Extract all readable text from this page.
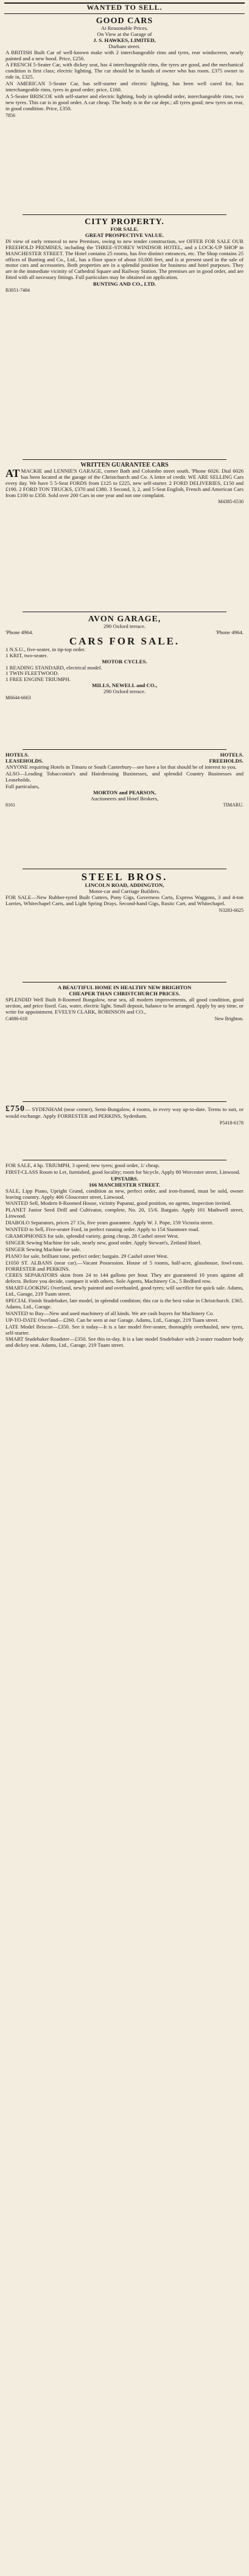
WANTED TO SELL.
GOOD CARS
At Reasonable Prices.
On View at the Garage of
J. S. HAWKES, LIMITED,
Durham street.

A BRITISH Built Car of well-known make with 2 interchangeable rims and tyres, rear windscreen, nearly painted and a new hood. Price, £250.

A FRENCH 5-Seater Car, with dickey seat, has 4 interchangeable rims, the tyres are good, and the mechanical condition is first class; electric lighting. The car should be in hands of owner who has room. £375 owner to ride in, £325.

AN AMERICAN 5-Seater Car, has self-starter and electric lighting, has been well cared for, has interchangeable rims, tyres in good order; price, £160.

A 5-Seater BRISCOE with self-starter and electric lighting, body in splendid order, interchangeable rims, two new tyres. This car is in good order. A car cheap. The body is in the car dept.; all tyres good; new tyres on rear, in good condition. Price, £350.

7856
CITY PROPERTY.
FOR SALE.
GREAT PROSPECTIVE VALUE.

IN view of early removal to new Premises, owing to new tender construction, we OFFER FOR SALE OUR FREEHOLD PREMISES, including the THREE-STOREY WINDSOR HOTEL, and a LOCK-UP SHOP in MANCHESTER STREET. The Hotel contains 25 rooms, has five distinct entrances, etc. The Shop contains 25 offices of Bunting and Co., Ltd., has a floor space of about 10,000 feet, and is at present used in the sale of motor cars and accessories. Both properties are in a splendid position for business and hotel purposes. They are in the immediate vicinity of Cathedral Square and Railway Station. The premises are in good order, and are fitted with all necessary fittings. Full particulars may be obtained on application.

BUNTING AND CO., LTD.
B3051-7484
WRITTEN GUARANTEE CARS

AT MACKIE and LENNIE'S GARAGE, corner Bath and Colombo street south. 'Phone 6026. Dial 6026 has been located at the garage of the Christchurch and Co. A letter of credit. WE ARE SELLING Cars every day. We have 5 5-Seat FORDS from £125 to £225, new self-starter. 2 FORD DELIVERIES, £150 and £190. 2 FORD TON TRUCKS, £370 and £380. 3 Second, 3, 2, and 5-Seat English, French and American Cars from £100 to £350. Sold over 200 Cars in one year and not one complaint.

M4385-6530
AVON GARAGE,
290 Oxford terrace.
'Phone 4964.	'Phone 4964.
CARS FOR SALE.
1 N.S.U., five-seater, in tip-top order.
1 KRIT, two-seater.
MOTOR CYCLES.
1 READING STANDARD, electrical model.
1 TWIN FLEETWOOD.
1 FREE ENGINE TRIUMPH.
MILLS, NEWELL and CO.,
290 Oxford terrace.
M6644-6663
HOTELS.	HOTELS.
LEASEHOLDS.	FREEHOLDS.

ANYONE requiring Hotels in Timaru or South Canterbury—see have a lot that should be of interest to you.

ALSO—Leading Tobacconist's and Hairdressing Businesses, and splendid Country Businesses and Leaseholds.

Full particulars,

MORTON and PEARSON,
Auctioneers and Hotel Brokers,
8161	TIMARU.
STEEL BROS.
LINCOLN ROAD, ADDINGTON,
Motor-car and Carriage Builders.

FOR SALE—New Rubber-tyred Built Cutters, Pony Gigs, Governess Carts, Express Waggons, 3 and 4-ton Lorries, Whitechapel Carts, and Light Spring Drays. Second-hand Gigs, Rustic Cart, and Whitechapel.

N3283-6625
A BEAUTIFUL HOME IN HEALTHY NEW BRIGHTON
CHEAPER THAN CHRISTCHURCH PRICES.

SPLENDID Well Built 8-Roomed Bungalow, near sea, all modern improvements, all good condition, good section, and price fixed. Gas, water, electric light. Small deposit, balance to be arranged. Apply by any time, or write for appointment. EVELYN CLARK, ROBINSON and CO.,

C4086-618	New Brighton.

£750— SYDENHAM (near corner), Semi-Bungalow, 4 rooms, in every way up-to-date. Terms to suit, or would exchange. Apply FORRESTER and PERKINS, Sydenham.

P5418-6178

FOR SALE, 4 hp. TRIUMPH, 3 speed; new tyres; good order, 1/ cheap.

FIRST-CLASS Room to Let, furnished, good locality; room for bicycle, Apply 80 Worcester street, Linwood.

UPSTAIRS.
166 MANCHESTER STREET.

SALE, Lipp Piano, Upright Grand, condition as new, perfect order, and iron-framed, must be sold, owner leaving country. Apply 466 Gloucester street, Linwood.

WANTED Sell, Modern 8-Roomed House, vicinity Papanui, good position, no agents, inspection invited.

PLANET Junior Seed Drill and Cultivator, complete, No. 20, 15/6. Bargain. Apply 101 Mathwell street, Linwood.

DIABOLO Separators, prices 27 15s, five years guarantee. Apply W. J. Pope, 159 Victoria street.

WANTED to Sell, Five-seater Ford, in perfect running order. Apply to 154 Stanmore road.

GRAMOPHONES for sale, splendid variety, going cheap, 28 Cashel street West.

SINGER Sewing Machine for sale, nearly new, good order. Apply Stewart's, Zetland Hotel.

SINGER Sewing Machine for sale.

PIANO for sale, brilliant tone, perfect order; bargain. 29 Cashel street West.

£1050 ST. ALBANS (near car).—Vacant Possession. House of 5 rooms, half-acre, glasshouse, fowl-runs. FORRESTER and PERKINS.

CERES SEPARATORS skim from 24 to 144 gallons per hour. They are guaranteed 10 years against all defects. Before you decide, compare it with others. Sole Agents, Machinery Co., 5 Bedford row.

SMART-LOOKING Overland, newly painted and overhauled, good tyres; will sacrifice for quick sale. Adams, Ltd., Garage, 219 Tuam street.

SPECIAL Finish Studebaker, late model, in splendid condition; this car is the best value in Christchurch. £365. Adams, Ltd., Garage.

WANTED to Buy—New and used machinery of all kinds. We are cash buyers for Machinery Co.

UP-TO-DATE Overland—£260. Can be seen at our Garage. Adams, Ltd., Garage, 219 Tuam street.

LATE Model Briscoe—£350. See it today—It is a late model five-seater, thoroughly overhauled, new tyres, self-starter.

SMART Studebaker Roadster—£350. See this to-day. It is a late model Studebaker with 2-seater roadster body and dickey seat. Adams, Ltd., Garage, 219 Tuam street.
